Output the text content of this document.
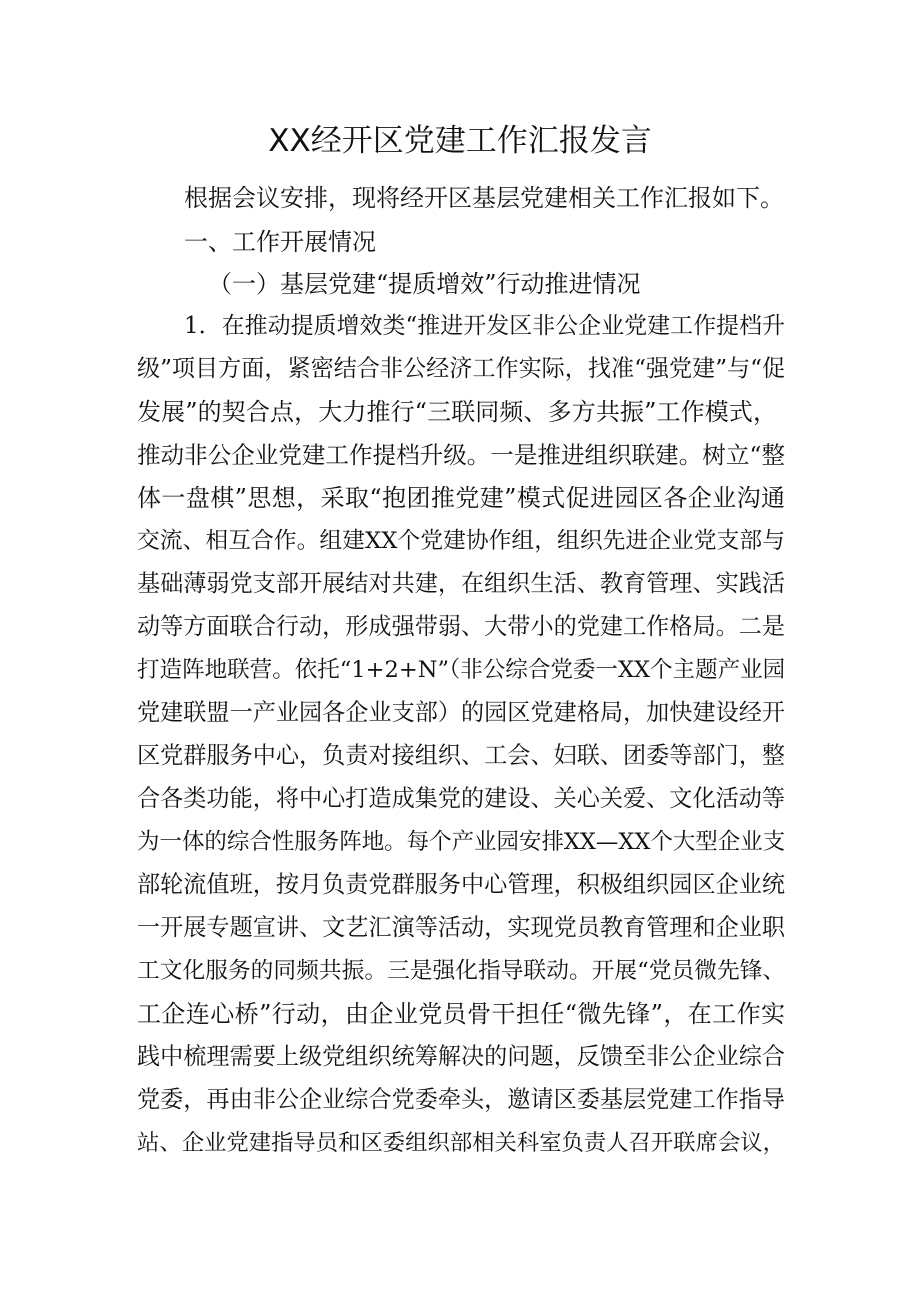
XX经开区党建工作汇报发言

根据会议安排，现将经开区基层党建相关工作汇报如下。

一、工作开展情况

（一）基层党建“提质增效”行动推进情况

1．在推动提质增效类“推进开发区非公企业党建工作提档升

级”项目方面，紧密结合非公经济工作实际，找准“强党建”与“促

发展”的契合点，大力推行“三联同频、多方共振”工作模式，

推动非公企业党建工作提档升级。一是推进组织联建。树立“整

体一盘棋”思想，采取“抱团推党建”模式促进园区各企业沟通

交流、相互合作。组建XX个党建协作组，组织先进企业党支部与

基础薄弱党支部开展结对共建，在组织生活、教育管理、实践活

动等方面联合行动，形成强带弱、大带小的党建工作格局。二是

打造阵地联营。依托“1+2+N”（非公综合党委一XX个主题产业园

党建联盟一产业园各企业支部）的园区党建格局，加快建设经开

区党群服务中心，负责对接组织、工会、妇联、团委等部门，整

合各类功能，将中心打造成集党的建设、关心关爱、文化活动等

为一体的综合性服务阵地。每个产业园安排XX—XX个大型企业支

部轮流值班，按月负责党群服务中心管理，积极组织园区企业统

一开展专题宣讲、文艺汇演等活动，实现党员教育管理和企业职

工文化服务的同频共振。三是强化指导联动。开展“党员微先锋、

工企连心桥”行动，由企业党员骨干担任“微先锋”，在工作实

践中梳理需要上级党组织统筹解决的问题，反馈至非公企业综合

党委，再由非公企业综合党委牵头，邀请区委基层党建工作指导

站、企业党建指导员和区委组织部相关科室负责人召开联席会议，
